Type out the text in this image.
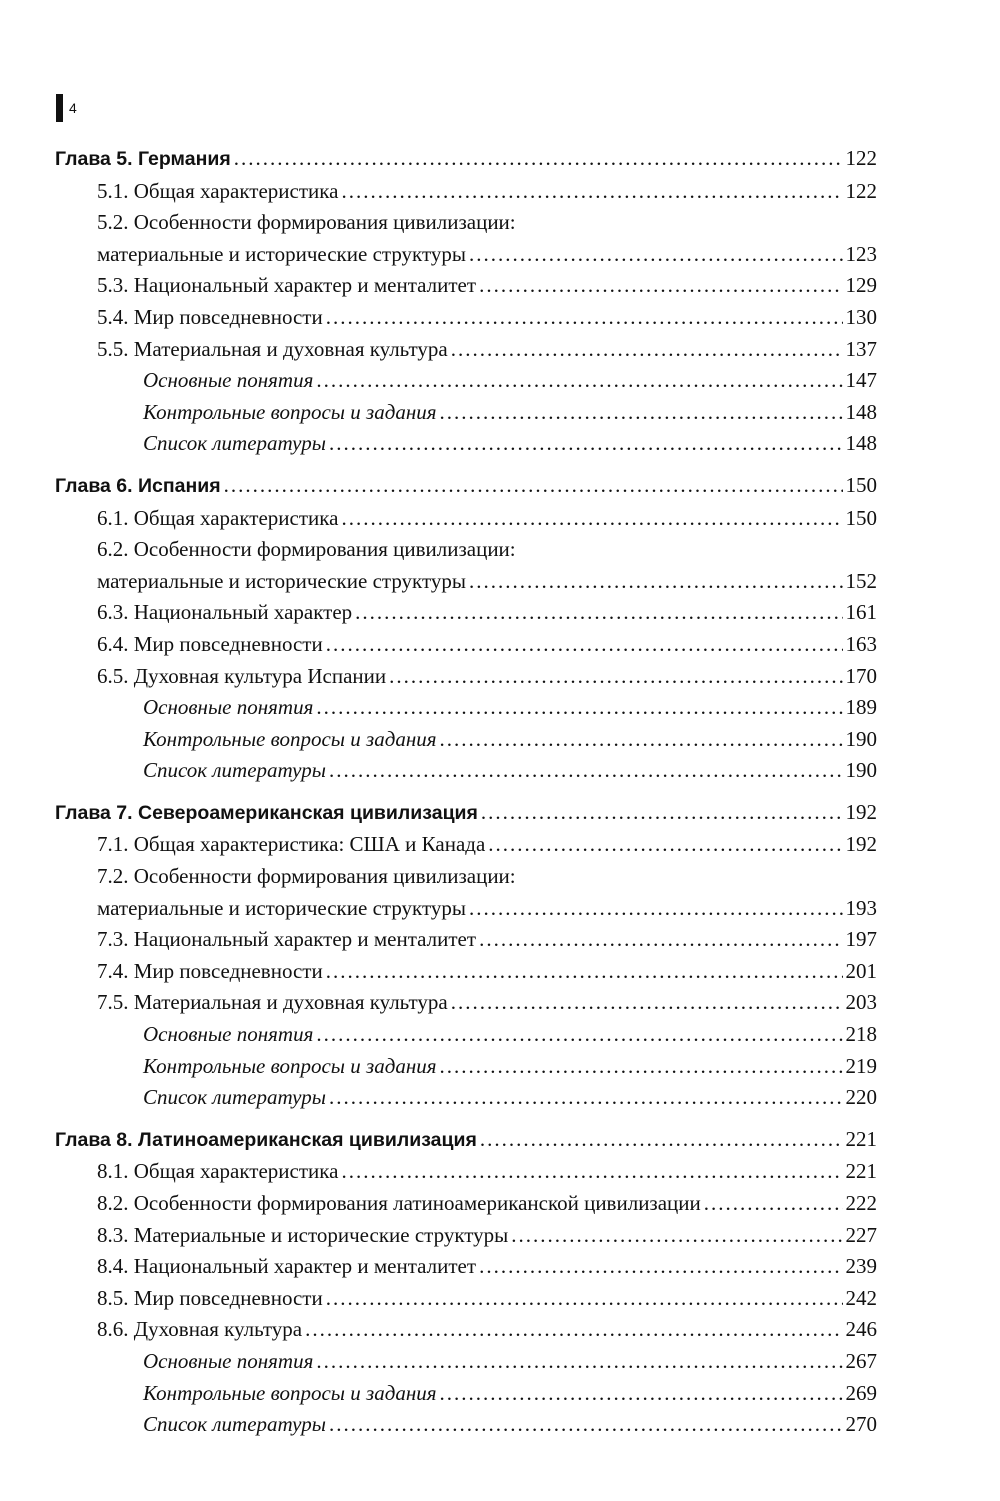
4
Глава 5. Германия .....	122
5.1. Общая характеристика .....	122
5.2. Особенности формирования цивилизации:
материальные и исторические структуры .....	123
5.3. Национальный характер и менталитет .....	129
5.4. Мир повседневности .....	130
5.5. Материальная и духовная культура .....	137
Основные понятия .....	147
Контрольные вопросы и задания .....	148
Список литературы .....	148
Глава 6. Испания .....	150
6.1. Общая характеристика .....	150
6.2. Особенности формирования цивилизации:
материальные и исторические структуры .....	152
6.3. Национальный характер .....	161
6.4. Мир повседневности .....	163
6.5. Духовная культура Испании .....	170
Основные понятия .....	189
Контрольные вопросы и задания .....	190
Список литературы .....	190
Глава 7. Североамериканская цивилизация .....	192
7.1. Общая характеристика: США и Канада .....	192
7.2. Особенности формирования цивилизации:
материальные и исторические структуры .....	193
7.3. Национальный характер и менталитет .....	197
7.4. Мир повседневности .....	201
7.5. Материальная и духовная культура .....	203
Основные понятия .....	218
Контрольные вопросы и задания .....	219
Список литературы .....	220
Глава 8. Латиноамериканская цивилизация .....	221
8.1. Общая характеристика .....	221
8.2. Особенности формирования латиноамериканской цивилизации .....	222
8.3. Материальные и исторические структуры .....	227
8.4. Национальный характер и менталитет .....	239
8.5. Мир повседневности .....	242
8.6. Духовная культура .....	246
Основные понятия .....	267
Контрольные вопросы и задания .....	269
Список литературы .....	270
